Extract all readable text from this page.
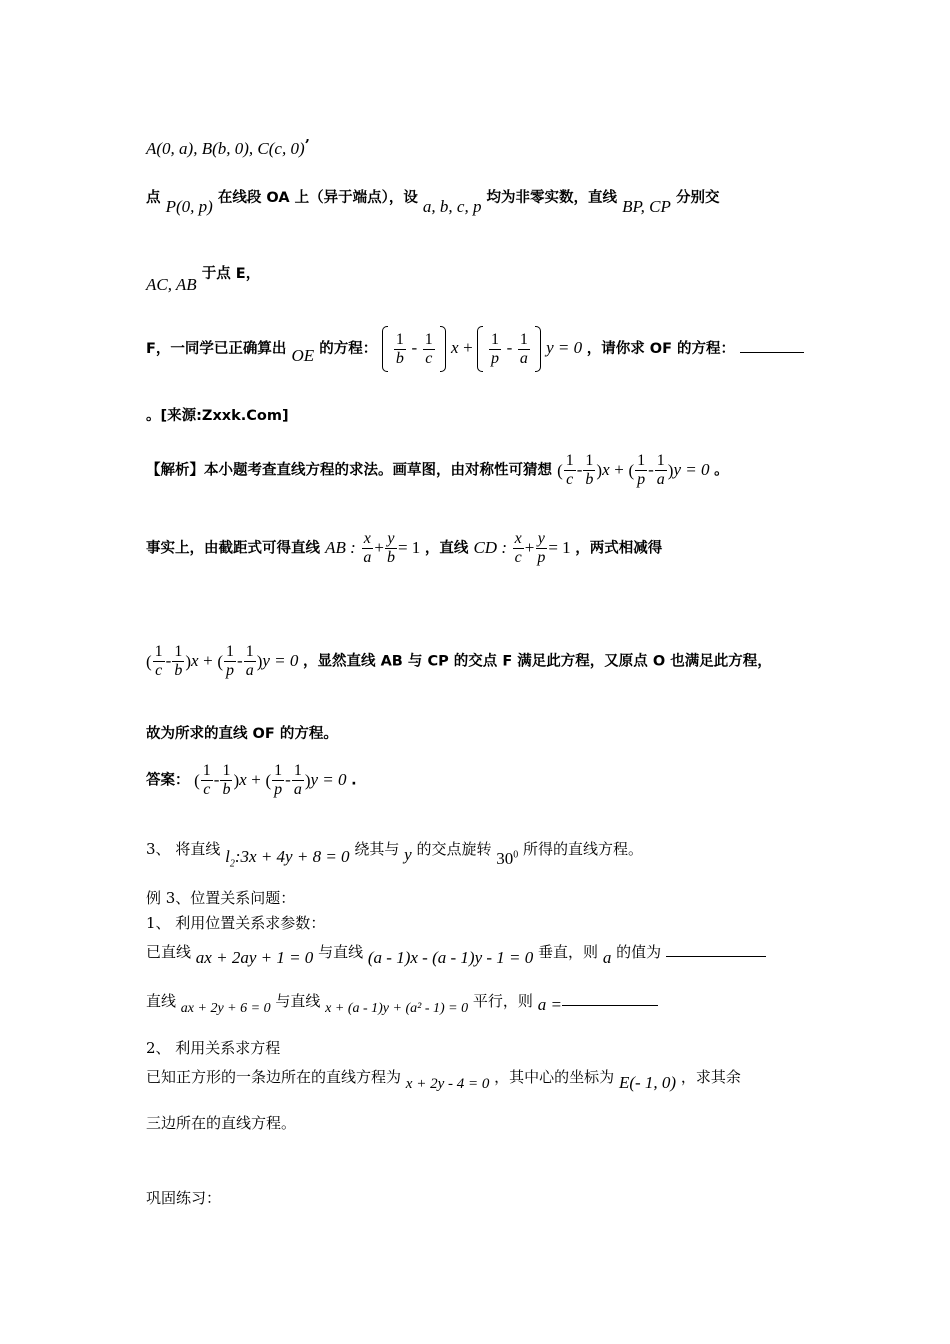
A(0, a), B(b, 0), C(c, 0)’
点 P(0, p) 在线段 OA 上（异于端点），设 a, b, c, p 均为非零实数，直线 BP, CP 分别交
AC, AB 于点 E，
F，一同学已正确算出 OE 的方程： $\frac{1}{b} - \frac{1}{c}$ $x + \frac{1}{p} - \frac{1}{a}$ y = 0 ，请你求 OF 的方程：
。[来源:Zxxk.Com]
【解析】本小题考查直线方程的求法。画草图，由对称性可猜想 ( $\frac{1}{c} - \frac{1}{b} )x$ + ( $\frac{1}{p} - \frac{1}{a} )y = 0$ 。
事实上，由截距式可得直线 AB : $\frac{x}{a} + \frac{y}{b} = 1$ ，直线 CD : $\frac{x}{c} + \frac{y}{p} = 1$ ，两式相减得
( $\frac{1}{c} - \frac{1}{b} )x$ + ( $\frac{1}{p} - \frac{1}{a} )y = 0$ ，显然直线 AB 与 CP 的交点 F 满足此方程，又原点 O 也满足此方程，
故为所求的直线 OF 的方程。
答案： ( $\frac{1}{c} - \frac{1}{b} )x$ + ( $\frac{1}{p} - \frac{1}{a} )y = 0$ .
3、 将直线 $l_2:3x + 4y + 8 = 0$ 绕其与 y 的交点旋转 $30^0$ 所得的直线方程。
例 3、位置关系问题：
1、 利用位置关系求参数：
已直线 ax + 2ay + 1 = 0 与直线 (a - 1)x - (a - 1)y - 1 = 0 垂直，则 a 的值为
直线 ax + 2y + 6 = 0 与直线 x + (a - 1)y + (a² - 1) = 0 平行，则 a =
2、 利用关系求方程
已知正方形的一条边所在的直线方程为 x + 2y - 4 = 0 ，其中心的坐标为 E(- 1, 0) ，求其余
三边所在的直线方程。
巩固练习：
